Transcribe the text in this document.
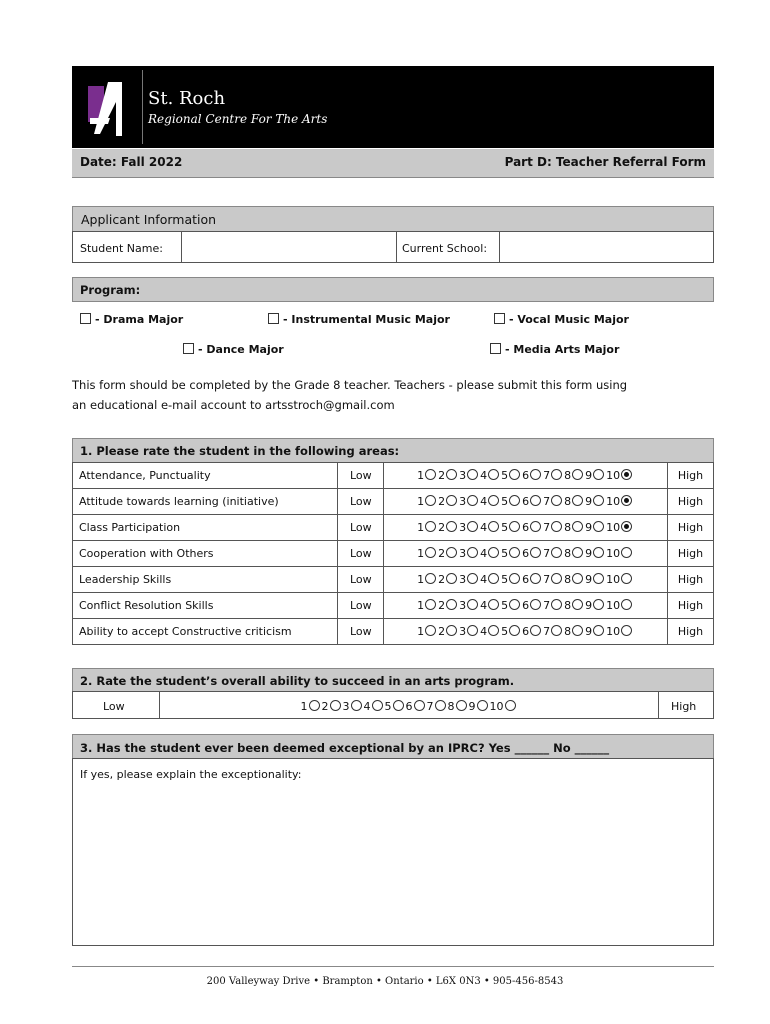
St. Roch
Regional Centre For The Arts
Date: Fall 2022	Part D: Teacher Referral Form
Applicant Information
Student Name:	Current School:
Program:
- Drama Major	- Instrumental Music Major	- Vocal Music Major
- Dance Major	- Media Arts Major
This form should be completed by the Grade 8 teacher. Teachers - please submit this form using
an educational e-mail account to artsstroch@gmail.com
1. Please rate the student in the following areas:
Attendance, Punctuality	Low	1 2 3 4 5 6 7 8 9 10	High
Attitude towards learning (initiative)	Low	1 2 3 4 5 6 7 8 9 10	High
Class Participation	Low	1 2 3 4 5 6 7 8 9 10	High
Cooperation with Others	Low	1 2 3 4 5 6 7 8 9 10	High
Leadership Skills	Low	1 2 3 4 5 6 7 8 9 10	High
Conflict Resolution Skills	Low	1 2 3 4 5 6 7 8 9 10	High
Ability to accept Constructive criticism	Low	1 2 3 4 5 6 7 8 9 10	High
2. Rate the student’s overall ability to succeed in an arts program.
Low	1 2 3 4 5 6 7 8 9 10	High
3. Has the student ever been deemed exceptional by an IPRC? Yes ______ No ______
If yes, please explain the exceptionality:
200 Valleyway Drive • Brampton • Ontario • L6X 0N3 • 905-456-8543
